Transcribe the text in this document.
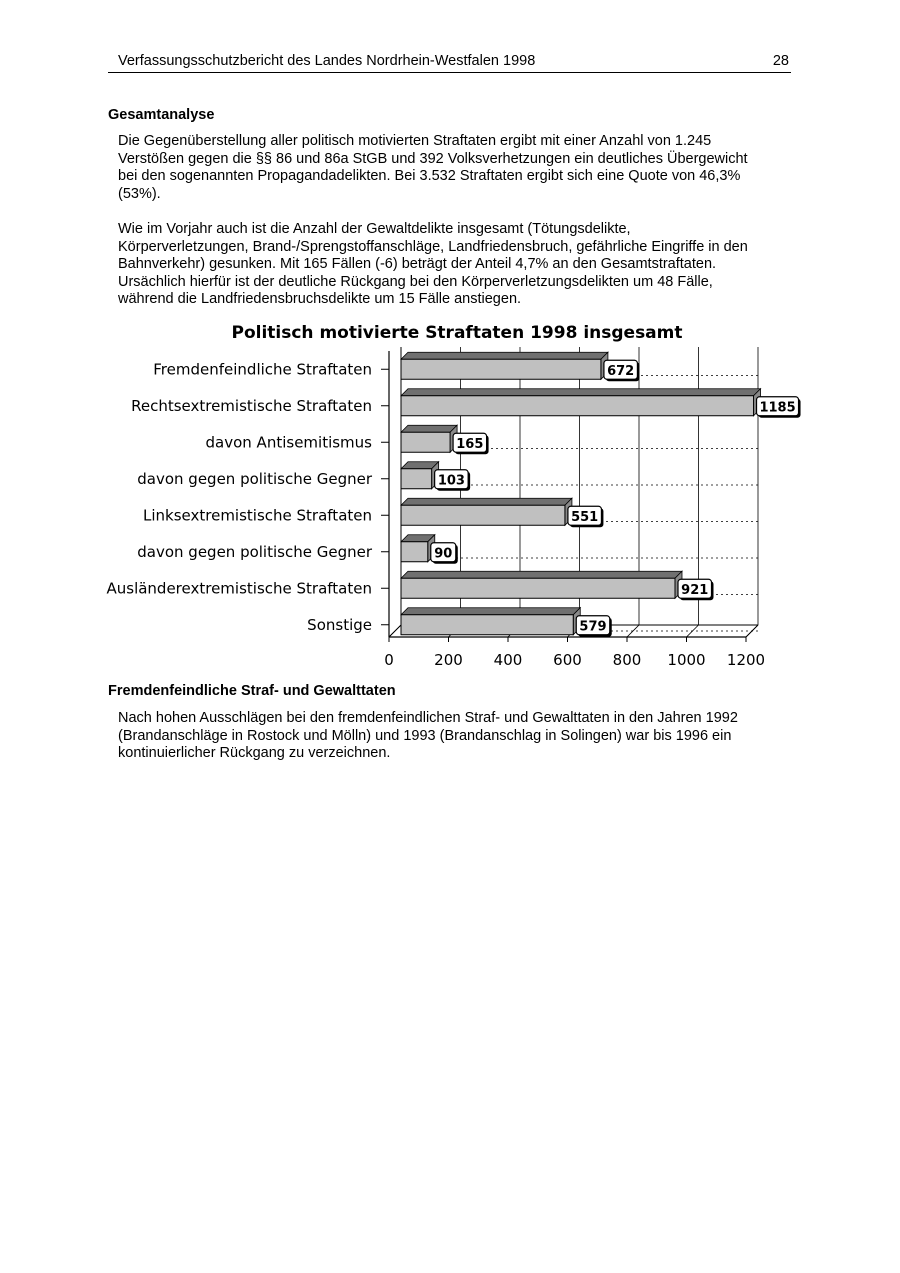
Verfassungsschutzbericht des Landes Nordrhein-Westfalen 1998	28
Gesamtanalyse
Die Gegenüberstellung aller politisch motivierten Straftaten ergibt mit einer Anzahl von 1.245
Verstößen gegen die §§ 86 und 86a StGB und 392 Volksverhetzungen ein deutliches Übergewicht
bei den sogenannten Propagandadelikten. Bei 3.532 Straftaten ergibt sich eine Quote von 46,3%
(53%).
Wie im Vorjahr auch ist die Anzahl der Gewaltdelikte insgesamt (Tötungsdelikte,
Körperverletzungen, Brand-/Sprengstoffanschläge, Landfriedensbruch, gefährliche Eingriffe in den
Bahnverkehr) gesunken. Mit 165 Fällen (-6) beträgt der Anteil 4,7% an den Gesamtstraftaten.
Ursächlich hierfür ist der deutliche Rückgang bei den Körperverletzungsdelikten um 48 Fälle,
während die Landfriedensbruchsdelikte um 15 Fälle anstiegen.
Politisch motivierte Straftaten 1998 insgesamt
672
1185
165
103
551
90
921
579
Fremdenfeindliche Straftaten
Rechtsextremistische Straftaten
davon Antisemitismus
davon gegen politische Gegner
Linksextremistische Straftaten
davon gegen politische Gegner
Ausländerextremistische Straftaten
Sonstige
0	200 400 600 800 1000 1200
Fremdenfeindliche Straf- und Gewalttaten
Nach hohen Ausschlägen bei den fremdenfeindlichen Straf- und Gewalttaten in den Jahren 1992
(Brandanschläge in Rostock und Mölln) und 1993 (Brandanschlag in Solingen) war bis 1996 ein
kontinuierlicher Rückgang zu verzeichnen.
